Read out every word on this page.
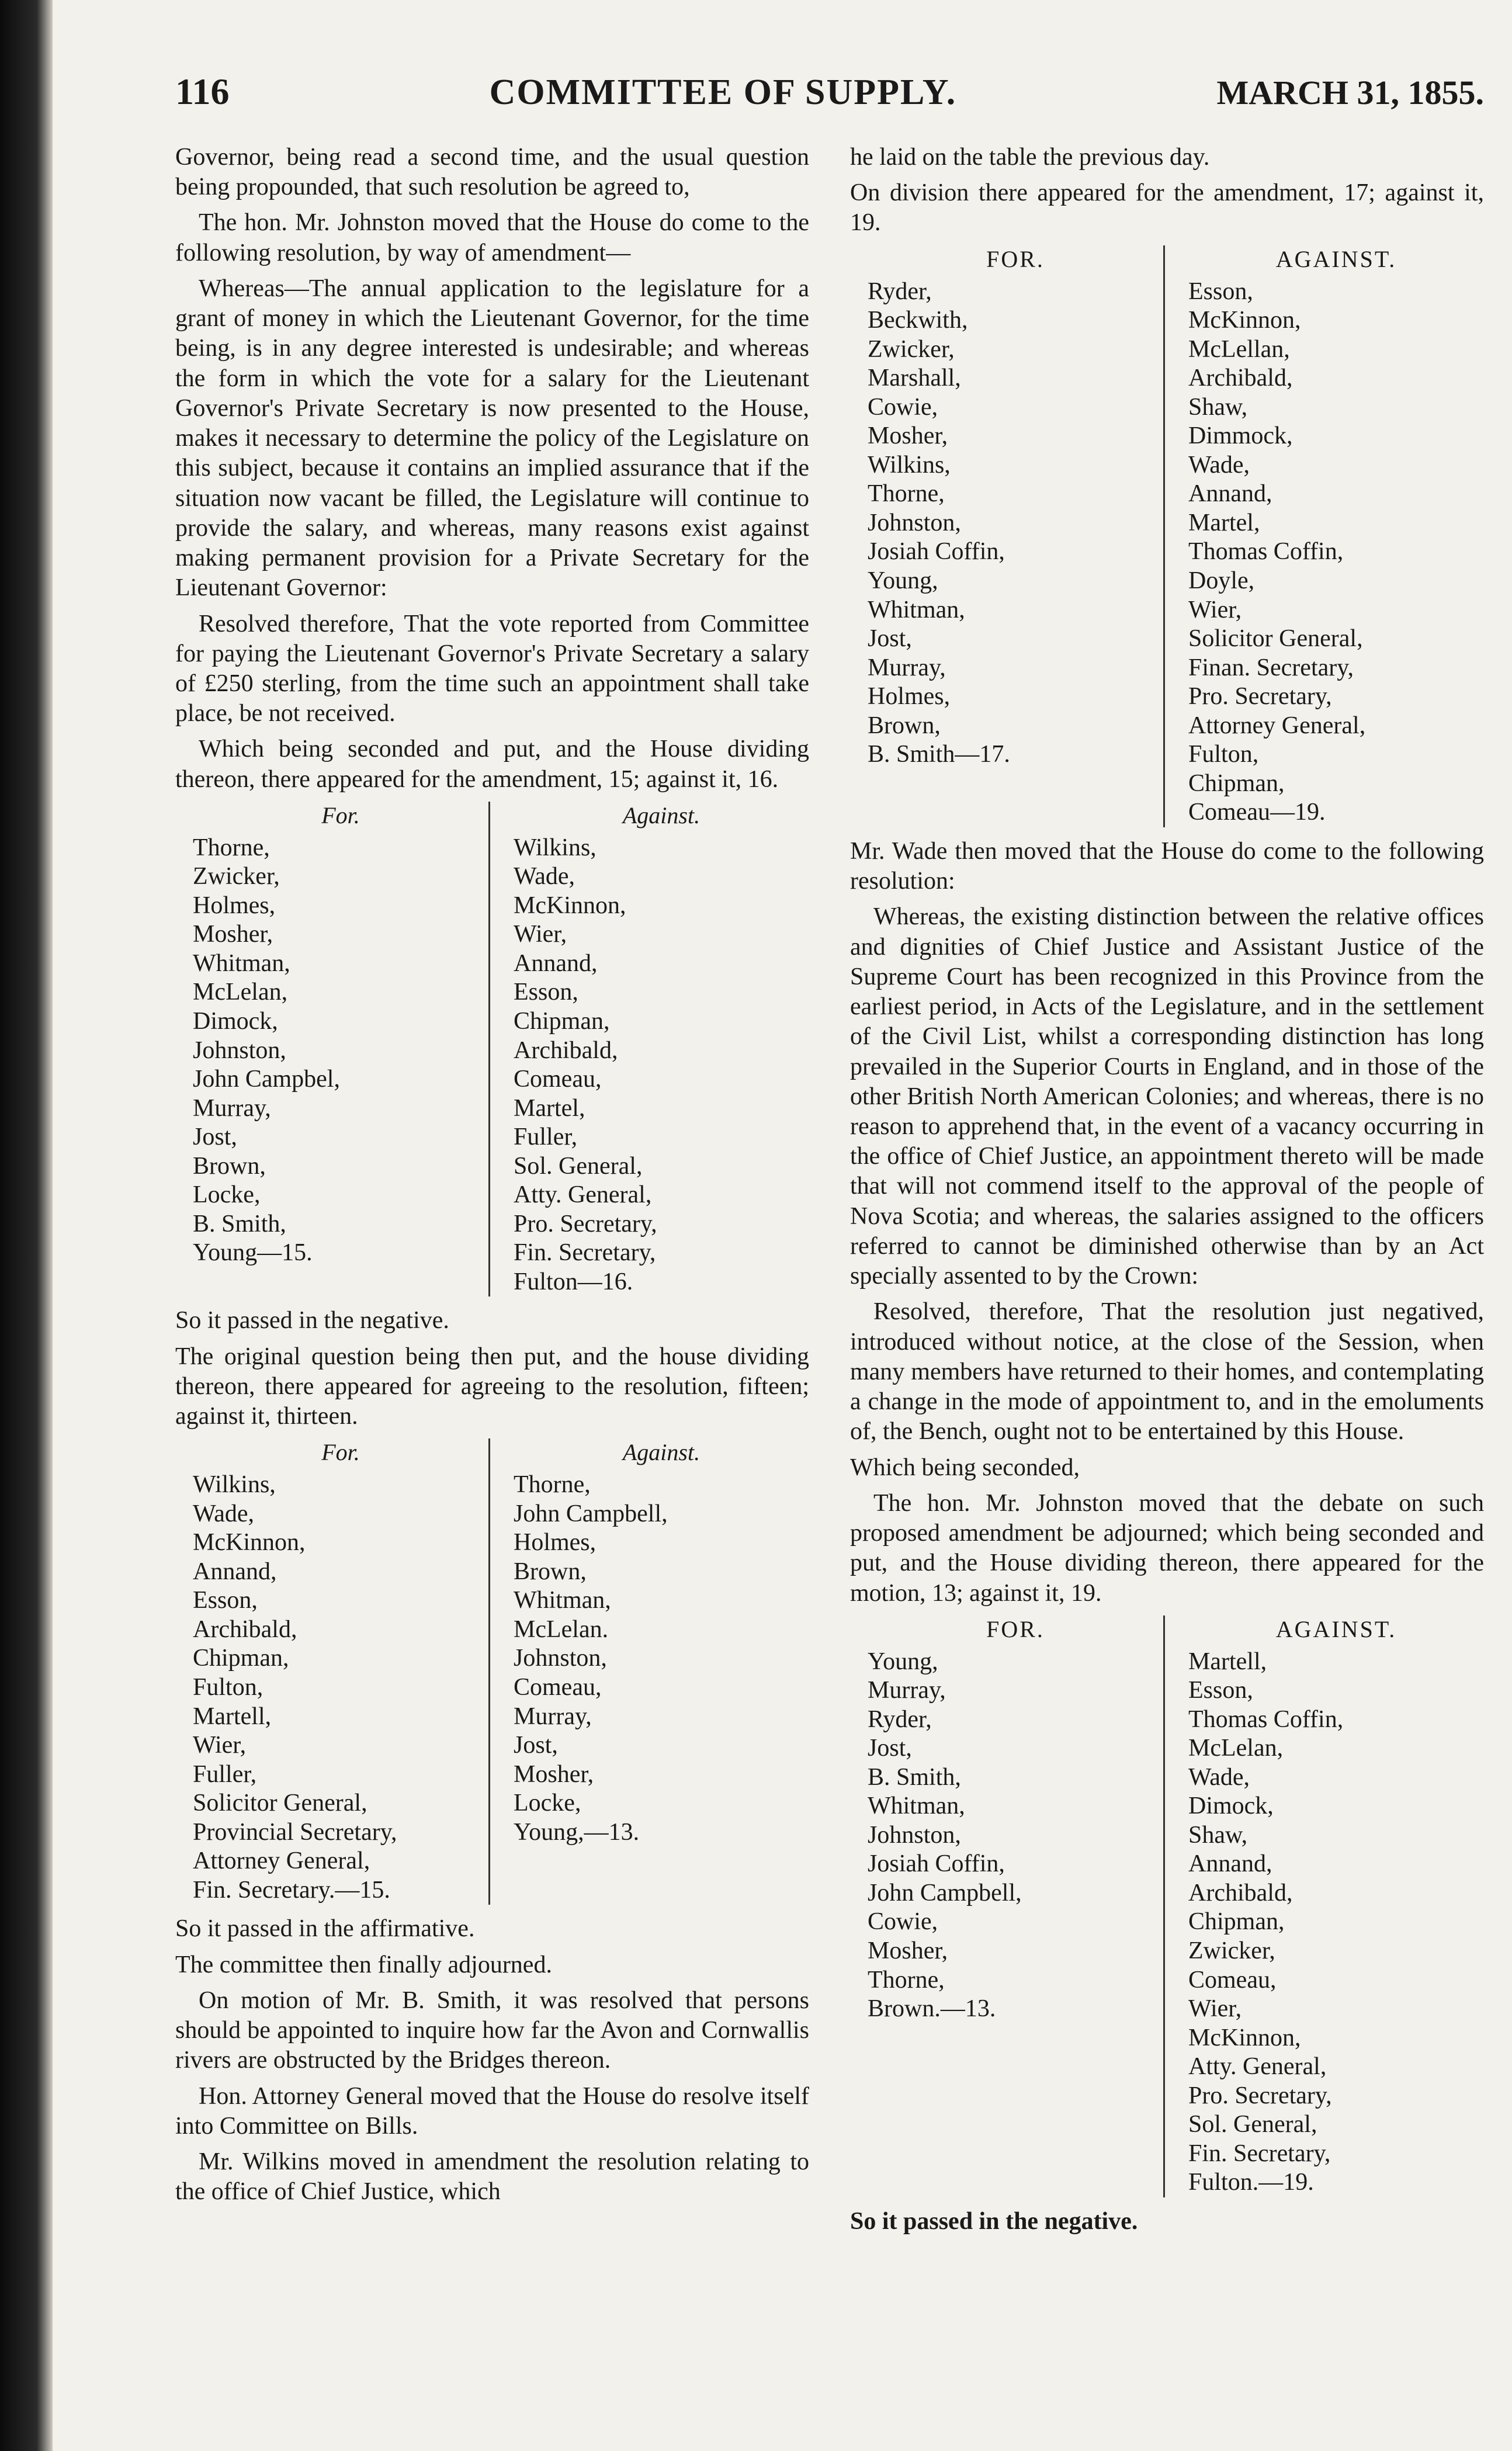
116	COMMITTEE OF SUPPLY.	MARCH 31, 1855.

Governor, being read a second time, and the usual question being propounded, that such resolution be agreed to,

The hon. Mr. Johnston moved that the House do come to the following resolution, by way of amendment—

Whereas—The annual application to the legislature for a grant of money in which the Lieutenant Governor, for the time being, is in any degree interested is undesirable; and whereas the form in which the vote for a salary for the Lieutenant Governor's Private Secretary is now presented to the House, makes it necessary to determine the policy of the Legislature on this subject, because it contains an implied assurance that if the situation now vacant be filled, the Legislature will continue to provide the salary, and whereas, many reasons exist against making permanent provision for a Private Secretary for the Lieutenant Governor:

Resolved therefore, That the vote reported from Committee for paying the Lieutenant Governor's Private Secretary a salary of £250 sterling, from the time such an appointment shall take place, be not received.

Which being seconded and put, and the House dividing thereon, there appeared for the amendment, 15; against it, 16.

For.
Thorne,
Zwicker,
Holmes,
Mosher,
Whitman,
McLelan,
Dimock,
Johnston,
John Campbel,
Murray,
Jost,
Brown,
Locke,
B. Smith,
Young—15.
Against.
Wilkins,
Wade,
McKinnon,
Wier,
Annand,
Esson,
Chipman,
Archibald,
Comeau,
Martel,
Fuller,
Sol. General,
Atty. General,
Pro. Secretary,
Fin. Secretary,
Fulton—16.

So it passed in the negative.

The original question being then put, and the house dividing thereon, there appeared for agreeing to the resolution, fifteen; against it, thirteen.

For.
Wilkins,
Wade,
McKinnon,
Annand,
Esson,
Archibald,
Chipman,
Fulton,
Martell,
Wier,
Fuller,
Solicitor General,
Provincial Secretary,
Attorney General,
Fin. Secretary.—15.
Against.
Thorne,
John Campbell,
Holmes,
Brown,
Whitman,
McLelan.
Johnston,
Comeau,
Murray,
Jost,
Mosher,
Locke,
Young,—13.

So it passed in the affirmative.

The committee then finally adjourned.

On motion of Mr. B. Smith, it was resolved that persons should be appointed to inquire how far the Avon and Cornwallis rivers are obstructed by the Bridges thereon.

Hon. Attorney General moved that the House do resolve itself into Committee on Bills.

Mr. Wilkins moved in amendment the resolution relating to the office of Chief Justice, which

he laid on the table the previous day.

On division there appeared for the amendment, 17; against it, 19.

FOR.
Ryder,
Beckwith,
Zwicker,
Marshall,
Cowie,
Mosher,
Wilkins,
Thorne,
Johnston,
Josiah Coffin,
Young,
Whitman,
Jost,
Murray,
Holmes,
Brown,
B. Smith—17.
AGAINST.
Esson,
McKinnon,
McLellan,
Archibald,
Shaw,
Dimmock,
Wade,
Annand,
Martel,
Thomas Coffin,
Doyle,
Wier,
Solicitor General,
Finan. Secretary,
Pro. Secretary,
Attorney General,
Fulton,
Chipman,
Comeau—19.

Mr. Wade then moved that the House do come to the following resolution:

Whereas, the existing distinction between the relative offices and dignities of Chief Justice and Assistant Justice of the Supreme Court has been recognized in this Province from the earliest period, in Acts of the Legislature, and in the settlement of the Civil List, whilst a corresponding distinction has long prevailed in the Superior Courts in England, and in those of the other British North American Colonies; and whereas, there is no reason to apprehend that, in the event of a vacancy occurring in the office of Chief Justice, an appointment thereto will be made that will not commend itself to the approval of the people of Nova Scotia; and whereas, the salaries assigned to the officers referred to cannot be diminished otherwise than by an Act specially assented to by the Crown:

Resolved, therefore, That the resolution just negatived, introduced without notice, at the close of the Session, when many members have returned to their homes, and contemplating a change in the mode of appointment to, and in the emoluments of, the Bench, ought not to be entertained by this House.

Which being seconded,

The hon. Mr. Johnston moved that the debate on such proposed amendment be adjourned; which being seconded and put, and the House dividing thereon, there appeared for the motion, 13; against it, 19.

FOR.
Young,
Murray,
Ryder,
Jost,
B. Smith,
Whitman,
Johnston,
Josiah Coffin,
John Campbell,
Cowie,
Mosher,
Thorne,
Brown.—13.
AGAINST.
Martell,
Esson,
Thomas Coffin,
McLelan,
Wade,
Dimock,
Shaw,
Annand,
Archibald,
Chipman,
Zwicker,
Comeau,
Wier,
McKinnon,
Atty. General,
Pro. Secretary,
Sol. General,
Fin. Secretary,
Fulton.—19.

So it passed in the negative.
